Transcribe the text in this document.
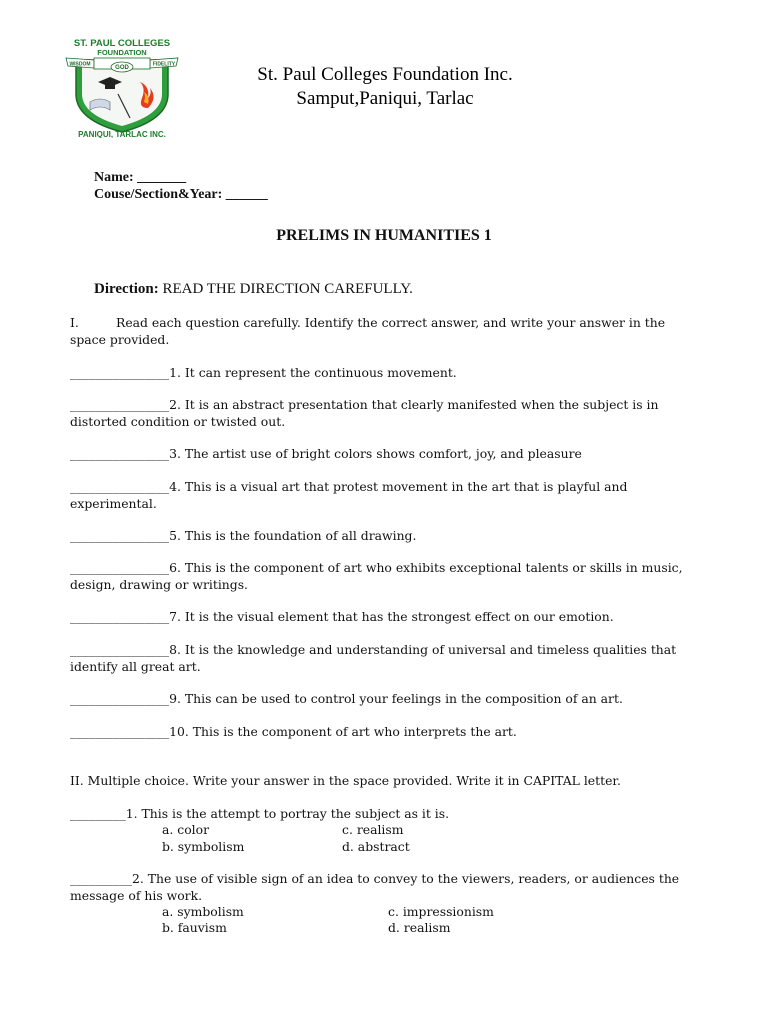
ST. PAUL COLLEGES
FOUNDATION
WISDOM	FIDELITY
GOD
PANIQUI, TARLAC INC.
St. Paul Colleges Foundation Inc.
Samput,Paniqui, Tarlac
Name: _______
Couse/Section&Year: ______
PRELIMS IN HUMANITIES 1
Direction: READ THE DIRECTION CAREFULLY.
I.	Read each question carefully. Identify the correct answer, and write your answer in the space provided.
________________1. It can represent the continuous movement.
________________2. It is an abstract presentation that clearly manifested when the subject is in distorted condition or twisted out.
________________3. The artist use of bright colors shows comfort, joy, and pleasure
________________4. This is a visual art that protest movement in the art that is playful and experimental.
________________5. This is the foundation of all drawing.
________________6. This is the component of art who exhibits exceptional talents or skills in music, design, drawing or writings.
________________7. It is the visual element that has the strongest effect on our emotion.
________________8. It is the knowledge and understanding of universal and timeless qualities that identify all great art.
________________9. This can be used to control your feelings in the composition of an art.
________________10. This is the component of art who interprets the art.
II. Multiple choice. Write your answer in the space provided. Write it in CAPITAL letter.
_________1. This is the attempt to portray the subject as it is.
a. color	c. realism
b. symbolism	d. abstract
__________2. The use of visible sign of an idea to convey to the viewers, readers, or audiences the message of his work.
a. symbolism	c. impressionism
b. fauvism	d. realism
